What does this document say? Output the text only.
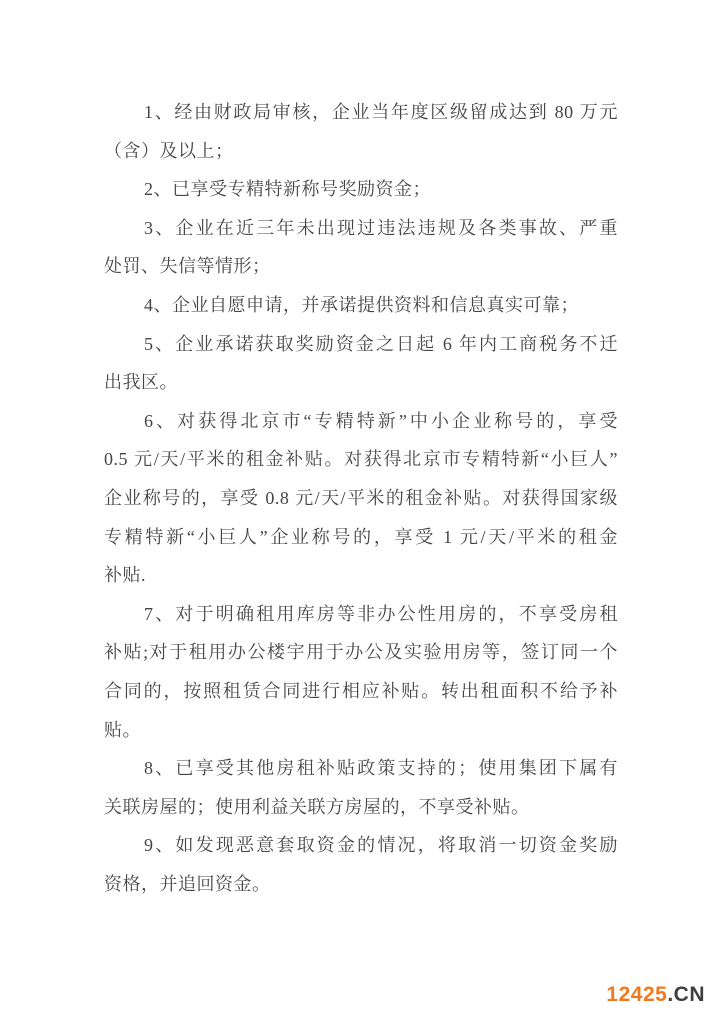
1、经由财政局审核，企业当年度区级留成达到 80 万元
（含）及以上；
2、已享受专精特新称号奖励资金；
3、企业在近三年未出现过违法违规及各类事故、严重
处罚、失信等情形；
4、企业自愿申请，并承诺提供资料和信息真实可靠；
5、企业承诺获取奖励资金之日起 6 年内工商税务不迁
出我区。
6、对获得北京市“专精特新”中小企业称号的，享受
0.5 元/天/平米的租金补贴。对获得北京市专精特新“小巨人”
企业称号的，享受 0.8 元/天/平米的租金补贴。对获得国家级
专精特新“小巨人”企业称号的，享受 1 元/天/平米的租金
补贴.
7、对于明确租用库房等非办公性用房的，不享受房租
补贴;对于租用办公楼宇用于办公及实验用房等，签订同一个
合同的，按照租赁合同进行相应补贴。转出租面积不给予补
贴。
8、已享受其他房租补贴政策支持的；使用集团下属有
关联房屋的；使用利益关联方房屋的，不享受补贴。
9、如发现恶意套取资金的情况，将取消一切资金奖励
资格，并追回资金。
12425.CN
